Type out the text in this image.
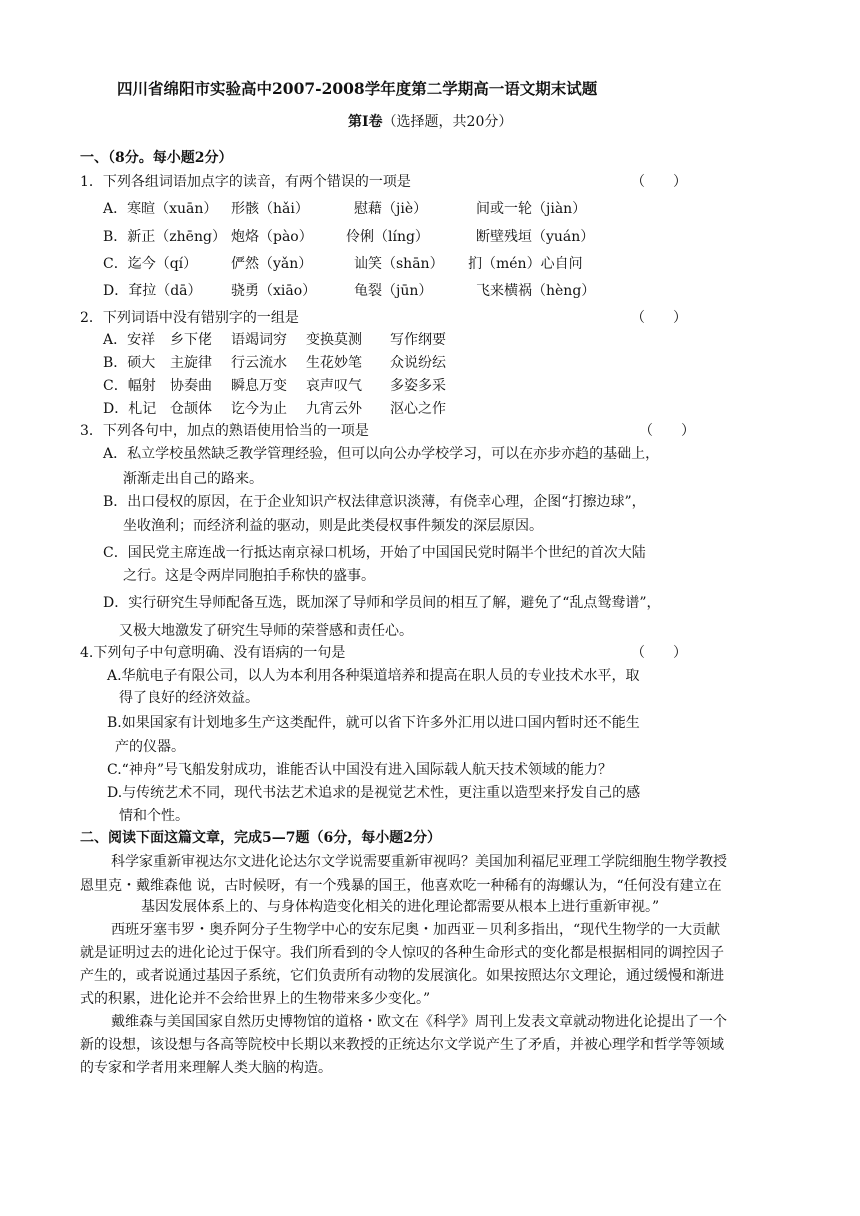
四川省绵阳市实验高中2007-2008学年度第二学期高一语文期末试题
第Ⅰ卷（选择题，共20分）
一、（8分。每小题2分）
1．下列各组词语加点字的读音，有两个错误的一项是	（　　）
A．寒暄（xuān） 形骸（hǎi）	慰藉（jiè）	间或一轮（jiàn）
B．新正（zhēng） 炮烙（pào） 伶俐（líng）	断壁残垣（yuán）
C．迄今（qí） 俨然（yǎn）	讪笑（shān） 扪（mén）心自问
D．耷拉（dā） 骁勇（xiāo）	龟裂（jūn）	飞来横祸（hèng）
2．下列词语中没有错别字的一组是	（　　）
A．安祥 乡下佬 语竭词穷 变换莫测 写作纲要
B．硕大 主旋律 行云流水 生花妙笔 众说纷纭
C．幅射 协奏曲 瞬息万变 哀声叹气 多姿多采
D．札记 仓颉体 讫今为止 九宵云外 沤心之作
3．下列各句中，加点的熟语使用恰当的一项是	（　　）
A．私立学校虽然缺乏教学管理经验，但可以向公办学校学习，可以在亦步亦趋的基础上，
渐渐走出自己的路来。
B．出口侵权的原因，在于企业知识产权法律意识淡薄，有侥幸心理，企图“打擦边球”，
坐收渔利；而经济利益的驱动，则是此类侵权事件频发的深层原因。
C．国民党主席连战一行抵达南京禄口机场，开始了中国国民党时隔半个世纪的首次大陆
之行。这是令两岸同胞拍手称快的盛事。
D．实行研究生导师配备互选，既加深了导师和学员间的相互了解，避免了“乱点鸳鸯谱”，
又极大地激发了研究生导师的荣誉感和责任心。
4.下列句子中句意明确、没有语病的一句是	（　　）
A.华航电子有限公司，以人为本利用各种渠道培养和提高在职人员的专业技术水平，取
得了良好的经济效益。
B.如果国家有计划地多生产这类配件，就可以省下许多外汇用以进口国内暂时还不能生
产的仪器。
C.“神舟”号飞船发射成功，谁能否认中国没有进入国际载人航天技术领域的能力？
D.与传统艺术不同，现代书法艺术追求的是视觉艺术性，更注重以造型来抒发自己的感
情和个性。
二、阅读下面这篇文章，完成5—7题（6分，每小题2分）
科学家重新审视达尔文进化论达尔文学说需要重新审视吗？美国加利福尼亚理工学院细胞生物学教授
恩里克・戴维森他 说，古时候呀，有一个残暴的国王，他喜欢吃一种稀有的海螺认为，“任何没有建立在
基因发展体系上的、与身体构造变化相关的进化理论都需要从根本上进行重新审视。”
西班牙塞韦罗・奥乔阿分子生物学中心的安东尼奥・加西亚－贝利多指出，“现代生物学的一大贡献
就是证明过去的进化论过于保守。我们所看到的令人惊叹的各种生命形式的变化都是根据相同的调控因子
产生的，或者说通过基因子系统，它们负责所有动物的发展演化。如果按照达尔文理论，通过缓慢和渐进
式的积累，进化论并不会给世界上的生物带来多少变化。”
戴维森与美国国家自然历史博物馆的道格・欧文在《科学》周刊上发表文章就动物进化论提出了一个
新的设想，该设想与各高等院校中长期以来教授的正统达尔文学说产生了矛盾，并被心理学和哲学等领域
的专家和学者用来理解人类大脑的构造。
